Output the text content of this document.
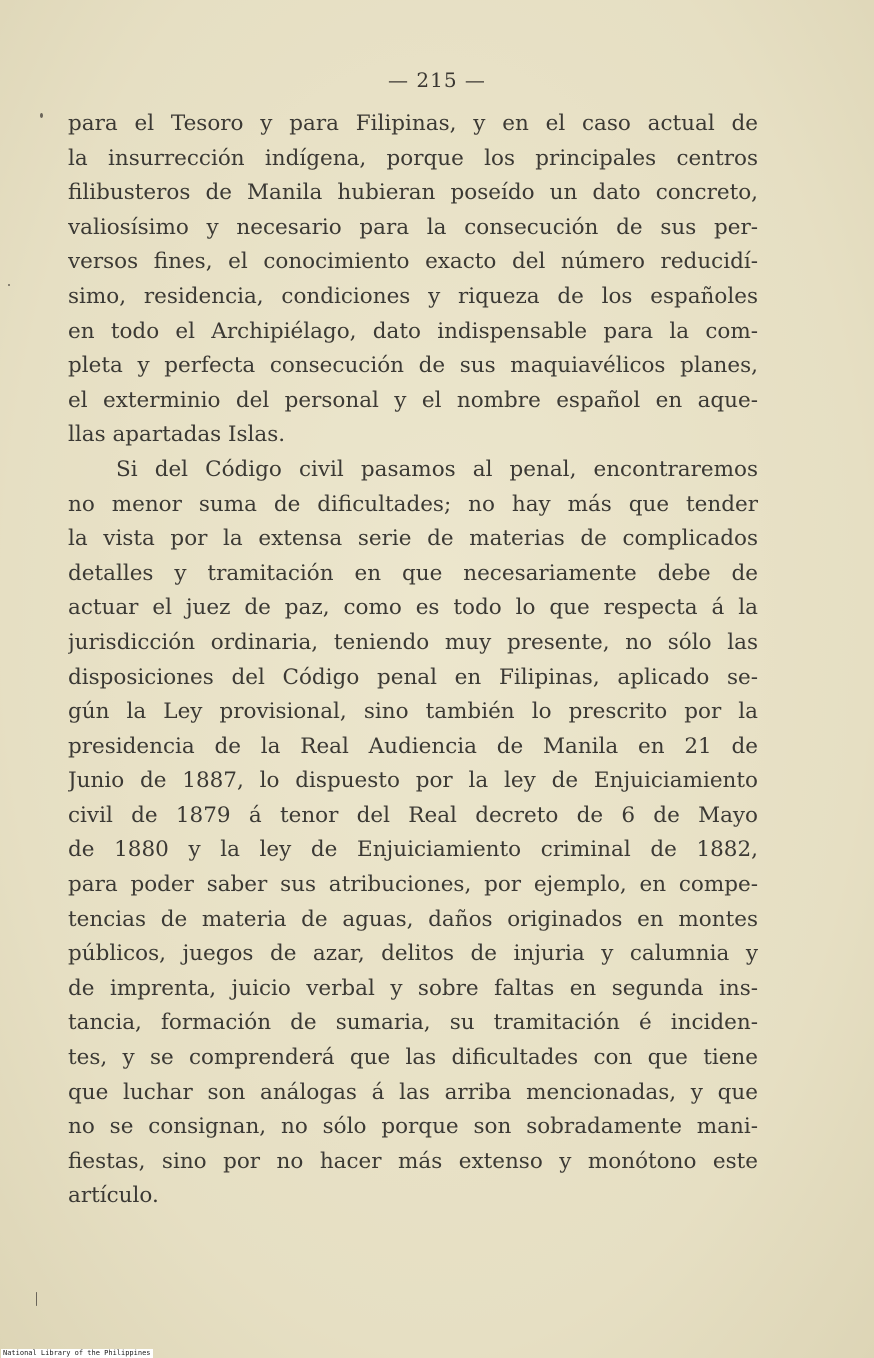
— 215 —
para el Tesoro y para Filipinas, y en el caso actual de
la insurrección indígena, porque los principales centros
filibusteros de Manila hubieran poseído un dato concreto,
valiosísimo y necesario para la consecución de sus per-
versos fines, el conocimiento exacto del número reducidí-
simo, residencia, condiciones y riqueza de los españoles
en todo el Archipiélago, dato indispensable para la com-
pleta y perfecta consecución de sus maquiavélicos planes,
el exterminio del personal y el nombre español en aque-
llas apartadas Islas.
Si del Código civil pasamos al penal, encontraremos
no menor suma de dificultades; no hay más que tender
la vista por la extensa serie de materias de complicados
detalles y tramitación en que necesariamente debe de
actuar el juez de paz, como es todo lo que respecta á la
jurisdicción ordinaria, teniendo muy presente, no sólo las
disposiciones del Código penal en Filipinas, aplicado se-
gún la Ley provisional, sino también lo prescrito por la
presidencia de la Real Audiencia de Manila en 21 de
Junio de 1887, lo dispuesto por la ley de Enjuiciamiento
civil de 1879 á tenor del Real decreto de 6 de Mayo
de 1880 y la ley de Enjuiciamiento criminal de 1882,
para poder saber sus atribuciones, por ejemplo, en compe-
tencias de materia de aguas, daños originados en montes
públicos, juegos de azar, delitos de injuria y calumnia y
de imprenta, juicio verbal y sobre faltas en segunda ins-
tancia, formación de sumaria, su tramitación é inciden-
tes, y se comprenderá que las dificultades con que tiene
que luchar son análogas á las arriba mencionadas, y que
no se consignan, no sólo porque son sobradamente mani-
fiestas, sino por no hacer más extenso y monótono este
artículo.
National Library of the Philippines
